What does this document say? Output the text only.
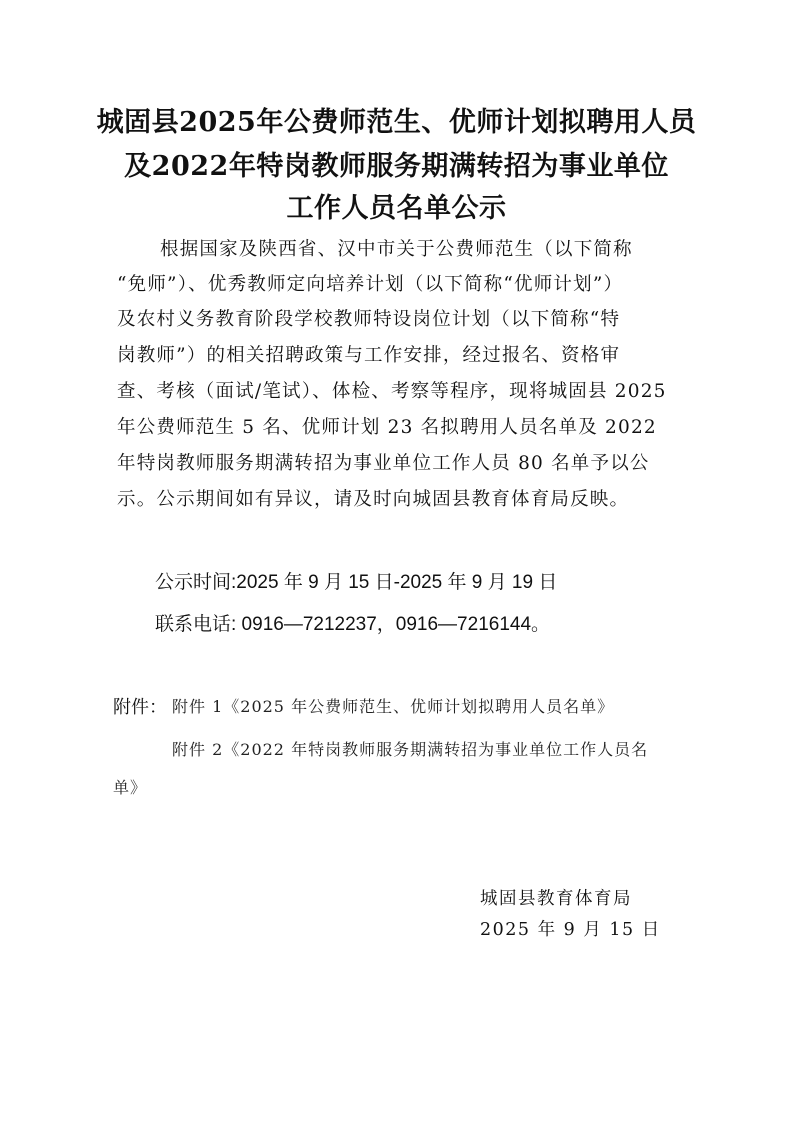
城固县2025年公费师范生、优师计划拟聘用人员
及2022年特岗教师服务期满转招为事业单位
工作人员名单公示
根据国家及陕西省、汉中市关于公费师范生（以下简称
“免师”）、优秀教师定向培养计划（以下简称“优师计划”）
及农村义务教育阶段学校教师特设岗位计划（以下简称“特
岗教师”）的相关招聘政策与工作安排，经过报名、资格审
查、考核（面试/笔试）、体检、考察等程序，现将城固县 2025
年公费师范生 5 名、优师计划 23 名拟聘用人员名单及 2022
年特岗教师服务期满转招为事业单位工作人员 80 名单予以公
示。公示期间如有异议，请及时向城固县教育体育局反映。
公示时间:2025 年 9 月 15 日-2025 年 9 月 19 日
联系电话: 0916—7212237，0916—7216144。
附件： 附件 1《2025 年公费师范生、优师计划拟聘用人员名单》
附件 2《2022 年特岗教师服务期满转招为事业单位工作人员名
单》
城固县教育体育局
2025 年 9 月 15 日
